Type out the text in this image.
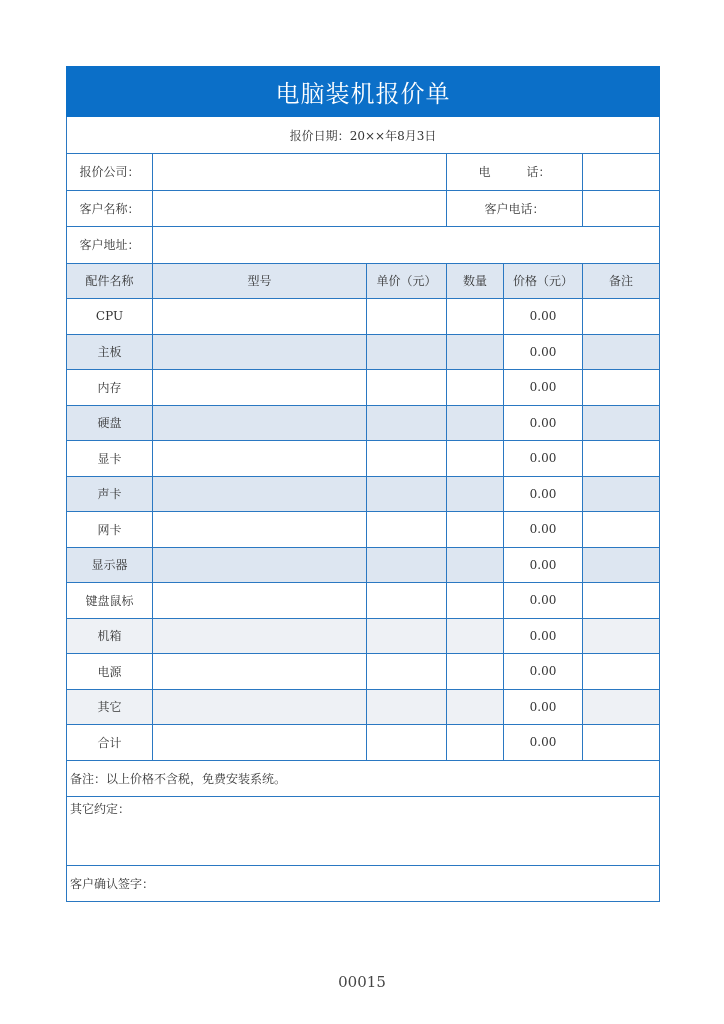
电脑装机报价单					
报价日期：20××年8月3日					
报价公司：			电　　　话：		
客户名称：			客户电话：		
客户地址：					
配件名称	型号	单价（元）	数量	价格（元）	备注
CPU				0.00	
主板				0.00	
内存				0.00	
硬盘				0.00	
显卡				0.00	
声卡				0.00	
网卡				0.00	
显示器				0.00	
键盘鼠标				0.00	
机箱				0.00	
电源				0.00	
其它				0.00	
合计				0.00	
备注：以上价格不含税，免费安装系统。					
其它约定：					
客户确认签字：					
00015
